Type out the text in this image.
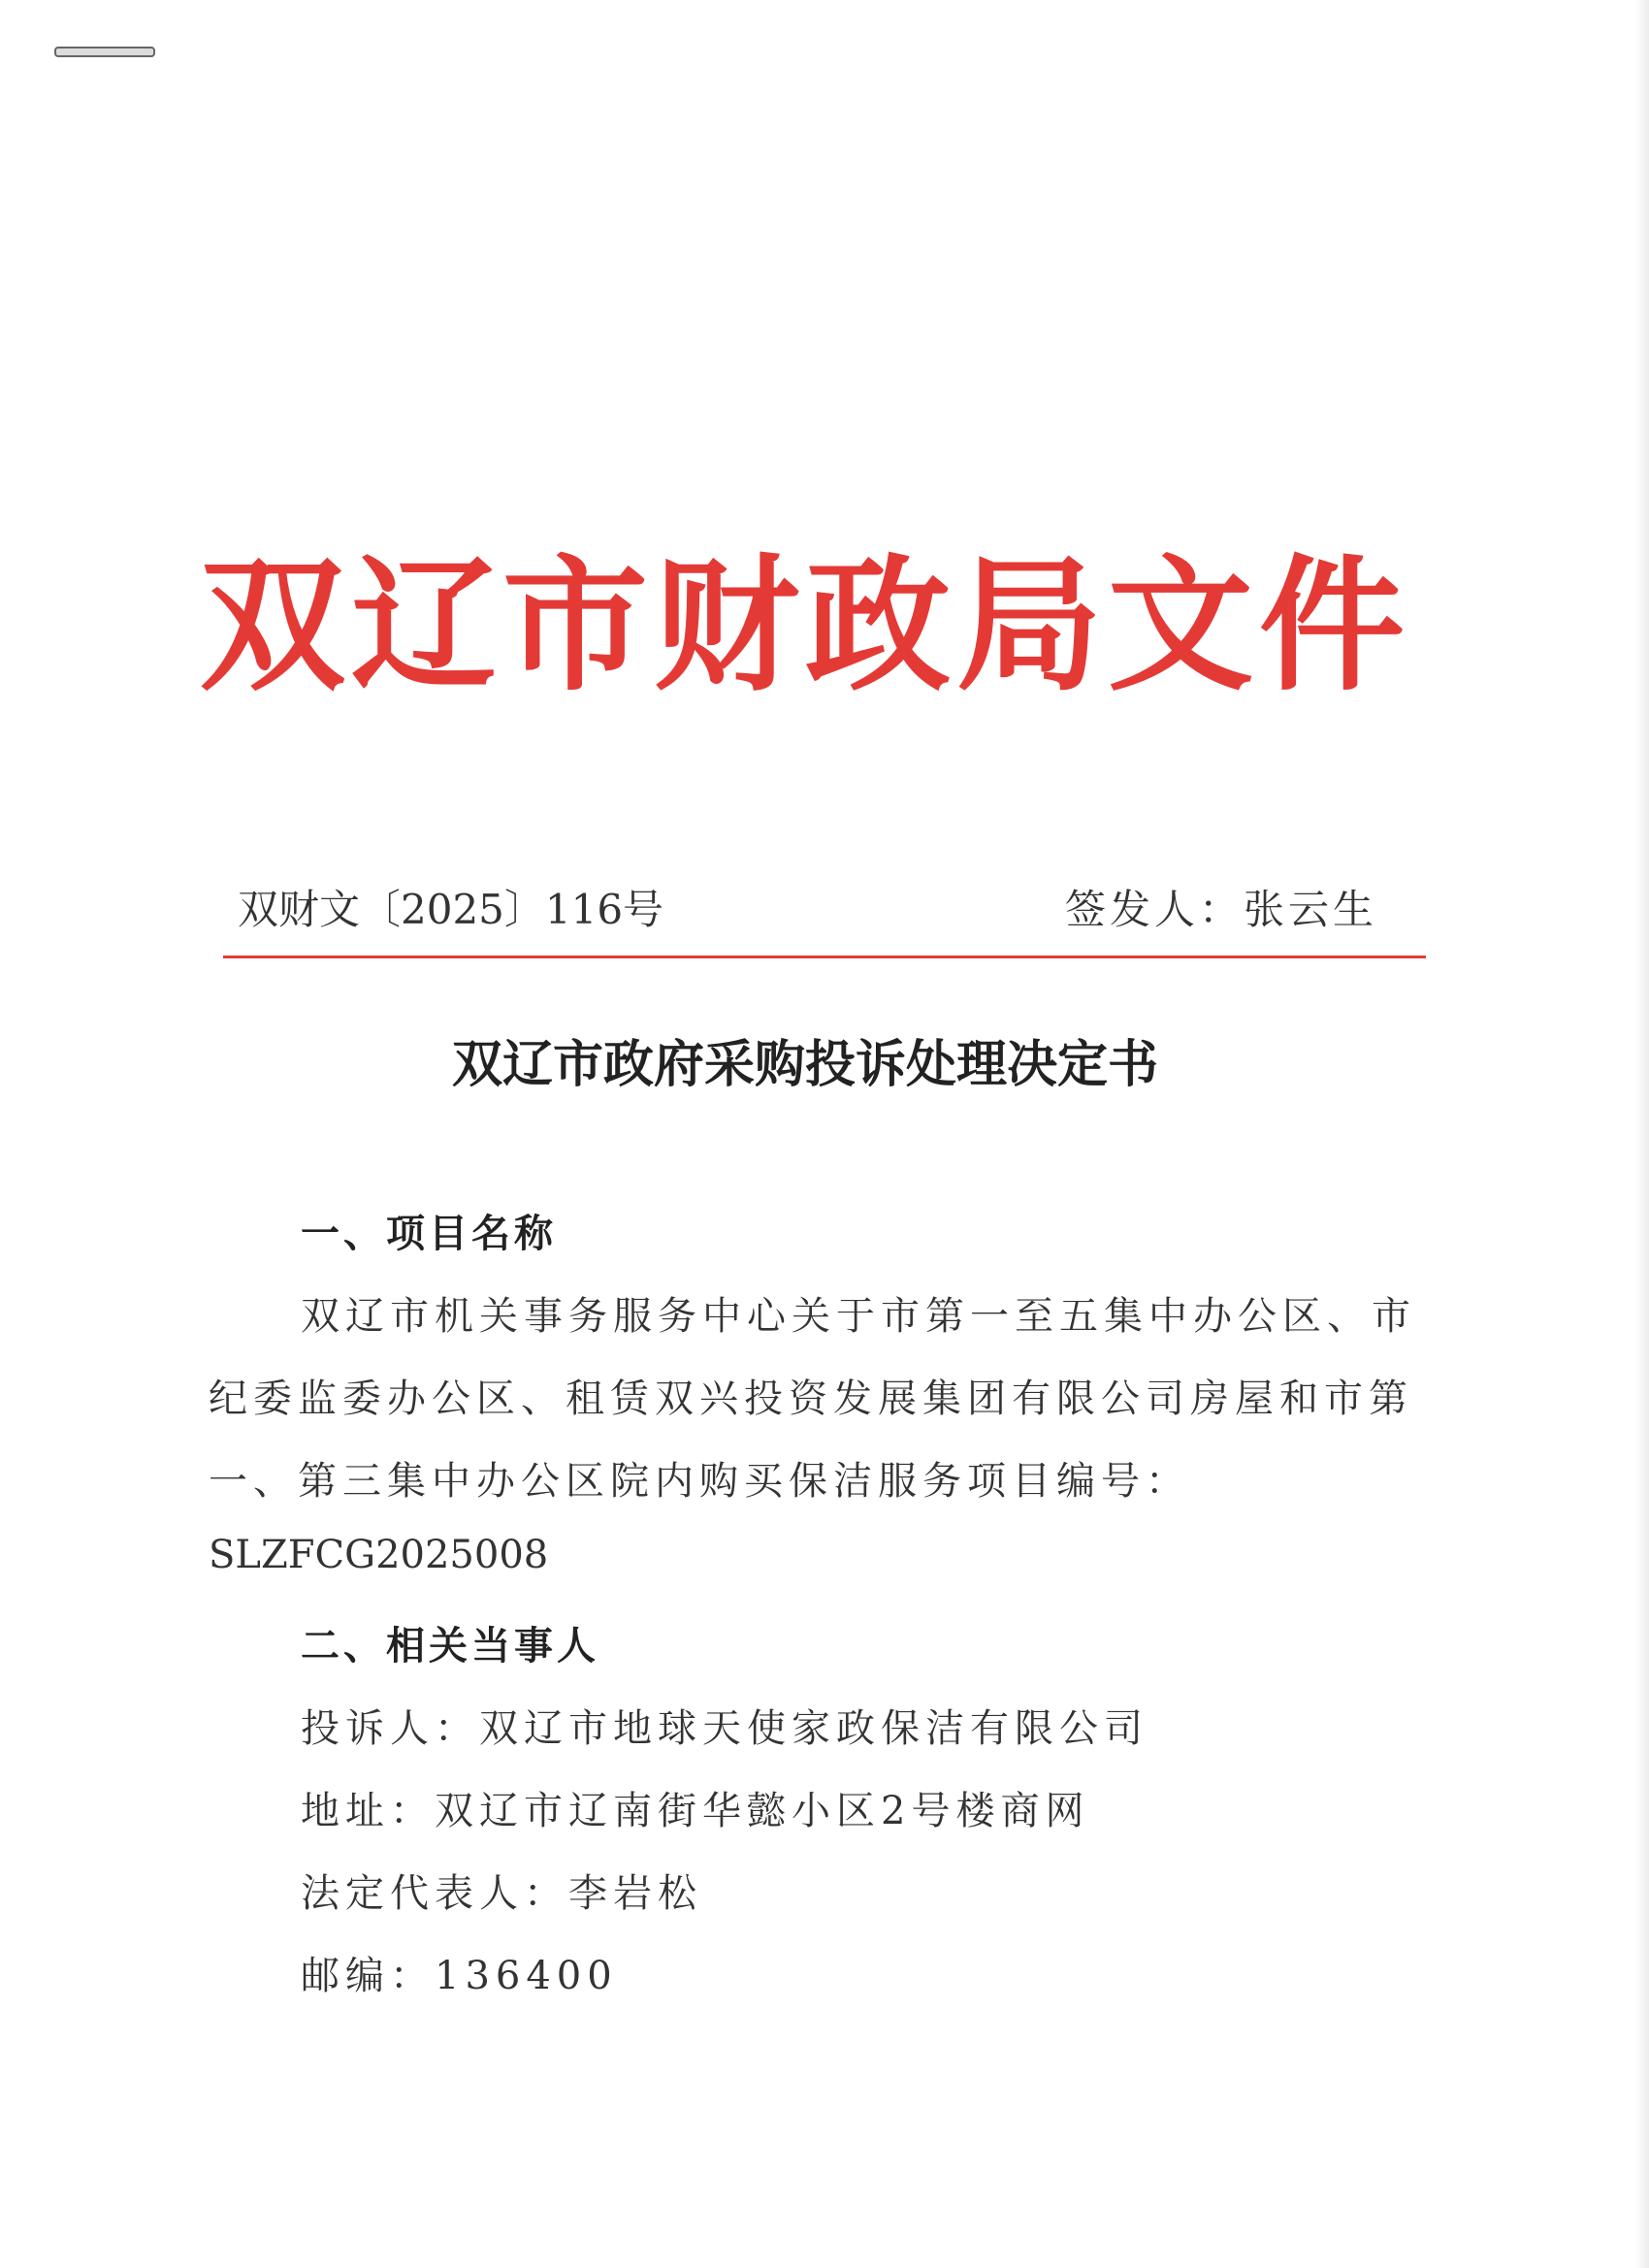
双辽市财政局文件
双财文〔2025〕116号	签发人：张云生
双辽市政府采购投诉处理决定书
一、项目名称
双辽市机关事务服务中心关于市第一至五集中办公区、市
纪委监委办公区、租赁双兴投资发展集团有限公司房屋和市第
一、第三集中办公区院内购买保洁服务项目编号：
SLZFCG2025008
二、相关当事人
投诉人：双辽市地球天使家政保洁有限公司
地址：双辽市辽南街华懿小区2号楼商网
法定代表人：李岩松
邮编：136400
